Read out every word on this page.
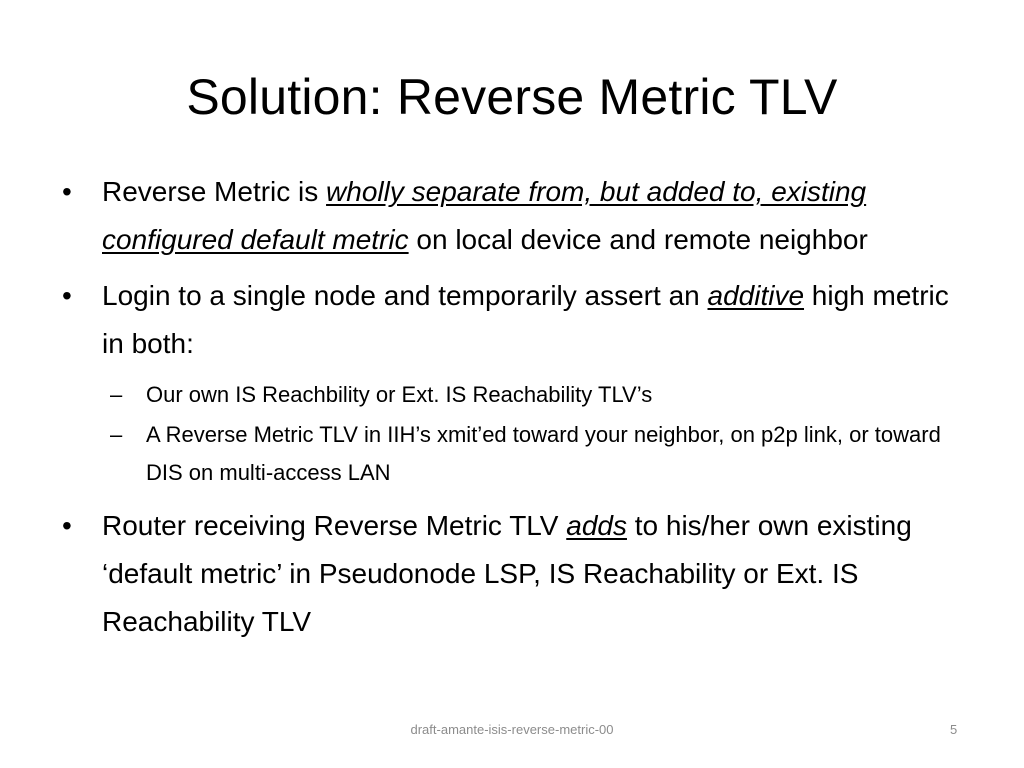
Solution: Reverse Metric TLV
• Reverse Metric is wholly separate from, but added to, existing configured default metric on local device and remote neighbor
• Login to a single node and temporarily assert an additive high metric in both:
– Our own IS Reachbility or Ext. IS Reachability TLV’s
– A Reverse Metric TLV in IIH’s xmit’ed toward your neighbor, on p2p link, or toward DIS on multi-access LAN
• Router receiving Reverse Metric TLV adds to his/her own existing ‘default metric’ in Pseudonode LSP, IS Reachability or Ext. IS Reachability TLV
draft-amante-isis-reverse-metric-00	5
